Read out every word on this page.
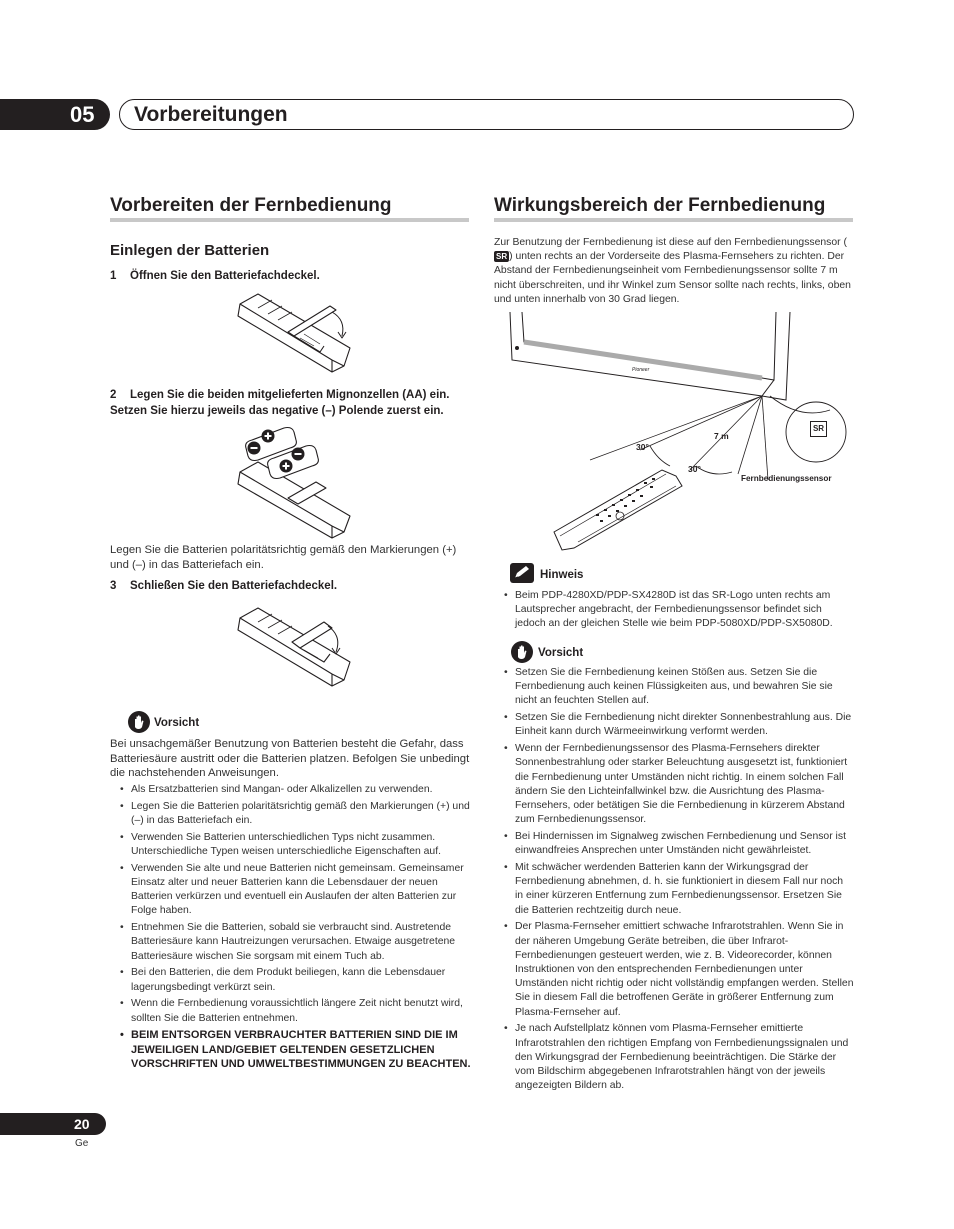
05	Vorbereitungen
Vorbereiten der Fernbedienung
Einlegen der Batterien
1 Öffnen Sie den Batteriefachdeckel.
2 Legen Sie die beiden mitgelieferten Mignonzellen (AA) ein.
Setzen Sie hierzu jeweils das negative (–) Polende zuerst ein.
Legen Sie die Batterien polaritätsrichtig gemäß den Markierungen (+) und (–) in das Batteriefach ein.
3 Schließen Sie den Batteriefachdeckel.
Vorsicht
Bei unsachgemäßer Benutzung von Batterien besteht die Gefahr, dass Batteriesäure austritt oder die Batterien platzen. Befolgen Sie unbedingt die nachstehenden Anweisungen.
• Als Ersatzbatterien sind Mangan- oder Alkalizellen zu verwenden.
• Legen Sie die Batterien polaritätsrichtig gemäß den Markierungen (+) und (–) in das Batteriefach ein.
• Verwenden Sie Batterien unterschiedlichen Typs nicht zusammen. Unterschiedliche Typen weisen unterschiedliche Eigenschaften auf.
• Verwenden Sie alte und neue Batterien nicht gemeinsam. Gemeinsamer Einsatz alter und neuer Batterien kann die Lebensdauer der neuen Batterien verkürzen und eventuell ein Auslaufen der alten Batterien zur Folge haben.
• Entnehmen Sie die Batterien, sobald sie verbraucht sind. Austretende Batteriesäure kann Hautreizungen verursachen. Etwaige ausgetretene Batteriesäure wischen Sie sorgsam mit einem Tuch ab.
• Bei den Batterien, die dem Produkt beiliegen, kann die Lebensdauer lagerungsbedingt verkürzt sein.
• Wenn die Fernbedienung voraussichtlich längere Zeit nicht benutzt wird, sollten Sie die Batterien entnehmen.
• BEIM ENTSORGEN VERBRAUCHTER BATTERIEN SIND DIE IM JEWEILIGEN LAND/GEBIET GELTENDEN GESETZLICHEN VORSCHRIFTEN UND UMWELTBESTIMMUNGEN ZU BEACHTEN.
Wirkungsbereich der Fernbedienung
Zur Benutzung der Fernbedienung ist diese auf den Fernbedienungssensor (SR ) unten rechts an der Vorderseite des Plasma-Fernsehers zu richten. Der Abstand der Fernbedienungseinheit vom Fernbedienungssensor sollte 7 m nicht überschreiten, und ihr Winkel zum Sensor sollte nach rechts, links, oben und unten innerhalb von 30 Grad liegen.
Pioneer
7 m
30°
30°
Fernbedienungssensor
SR
Hinweis
• Beim PDP-4280XD/PDP-SX4280D ist das SR-Logo unten rechts am Lautsprecher angebracht, der Fernbedienungssensor befindet sich jedoch an der gleichen Stelle wie beim PDP-5080XD/PDP-SX5080D.
Vorsicht
• Setzen Sie die Fernbedienung keinen Stößen aus. Setzen Sie die Fernbedienung auch keinen Flüssigkeiten aus, und bewahren Sie sie nicht an feuchten Stellen auf.
• Setzen Sie die Fernbedienung nicht direkter Sonnenbestrahlung aus. Die Einheit kann durch Wärmeeinwirkung verformt werden.
• Wenn der Fernbedienungssensor des Plasma-Fernsehers direkter Sonnenbestrahlung oder starker Beleuchtung ausgesetzt ist, funktioniert die Fernbedienung unter Umständen nicht richtig. In einem solchen Fall ändern Sie den Lichteinfallwinkel bzw. die Ausrichtung des Plasma-Fernsehers, oder betätigen Sie die Fernbedienung in kürzerem Abstand zum Fernbedienungssensor.
• Bei Hindernissen im Signalweg zwischen Fernbedienung und Sensor ist einwandfreies Ansprechen unter Umständen nicht gewährleistet.
• Mit schwächer werdenden Batterien kann der Wirkungsgrad der Fernbedienung abnehmen, d. h. sie funktioniert in diesem Fall nur noch in einer kürzeren Entfernung zum Fernbedienungssensor. Ersetzen Sie die Batterien rechtzeitig durch neue.
• Der Plasma-Fernseher emittiert schwache Infrarotstrahlen. Wenn Sie in der näheren Umgebung Geräte betreiben, die über Infrarot-Fernbedienungen gesteuert werden, wie z. B. Videorecorder, können Instruktionen von den entsprechenden Fernbedienungen unter Umständen nicht richtig oder nicht vollständig empfangen werden. Stellen Sie in diesem Fall die betroffenen Geräte in größerer Entfernung zum Plasma-Fernseher auf.
• Je nach Aufstellplatz können vom Plasma-Fernseher emittierte Infrarotstrahlen den richtigen Empfang von Fernbedienungssignalen und den Wirkungsgrad der Fernbedienung beeinträchtigen. Die Stärke der vom Bildschirm abgegebenen Infrarotstrahlen hängt von der jeweils angezeigten Bildern ab.
20
Ge
